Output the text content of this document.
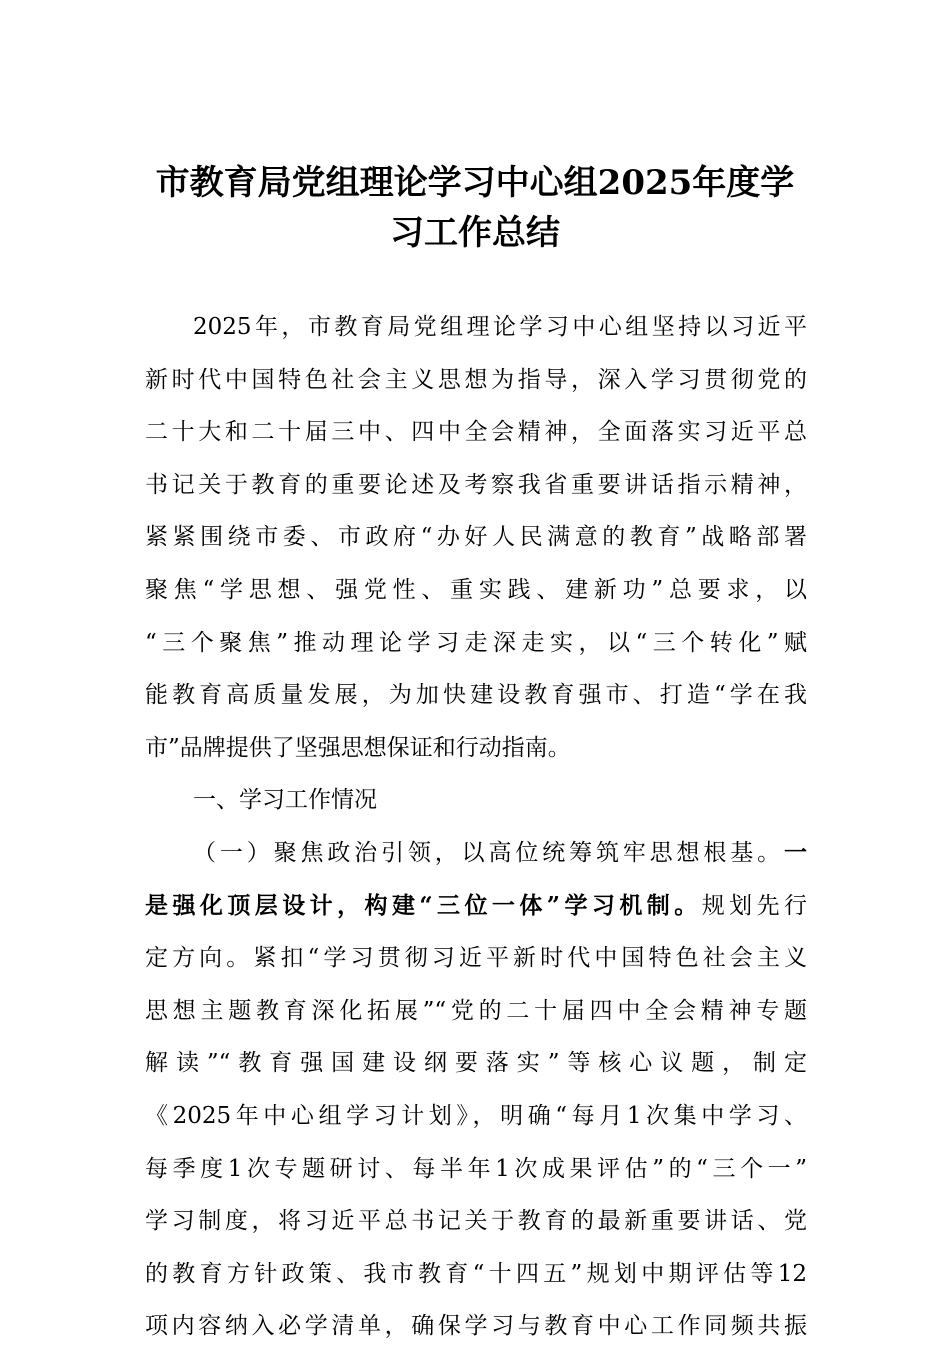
市教育局党组理论学习中心组2025年度学
习工作总结
2025年，市教育局党组理论学习中心组坚持以习近平
新时代中国特色社会主义思想为指导，深入学习贯彻党的
二十大和二十届三中、四中全会精神，全面落实习近平总
书记关于教育的重要论述及考察我省重要讲话指示精神，
紧紧围绕市委、市政府“办好人民满意的教育”战略部署
聚焦“学思想、强党性、重实践、建新功”总要求，以
“三个聚焦”推动理论学习走深走实，以“三个转化”赋
能教育高质量发展，为加快建设教育强市、打造“学在我
市”品牌提供了坚强思想保证和行动指南。
一、学习工作情况
（一）聚焦政治引领，以高位统筹筑牢思想根基。一
是强化顶层设计，构建“三位一体”学习机制。规划先行
定方向。紧扣“学习贯彻习近平新时代中国特色社会主义
思想主题教育深化拓展”“党的二十届四中全会精神专题
解读”“教育强国建设纲要落实”等核心议题，制定
《2025年中心组学习计划》，明确“每月1次集中学习、
每季度1次专题研讨、每半年1次成果评估”的“三个一”
学习制度，将习近平总书记关于教育的最新重要讲话、党
的教育方针政策、我市教育“十四五”规划中期评估等12
项内容纳入必学清单，确保学习与教育中心工作同频共振
